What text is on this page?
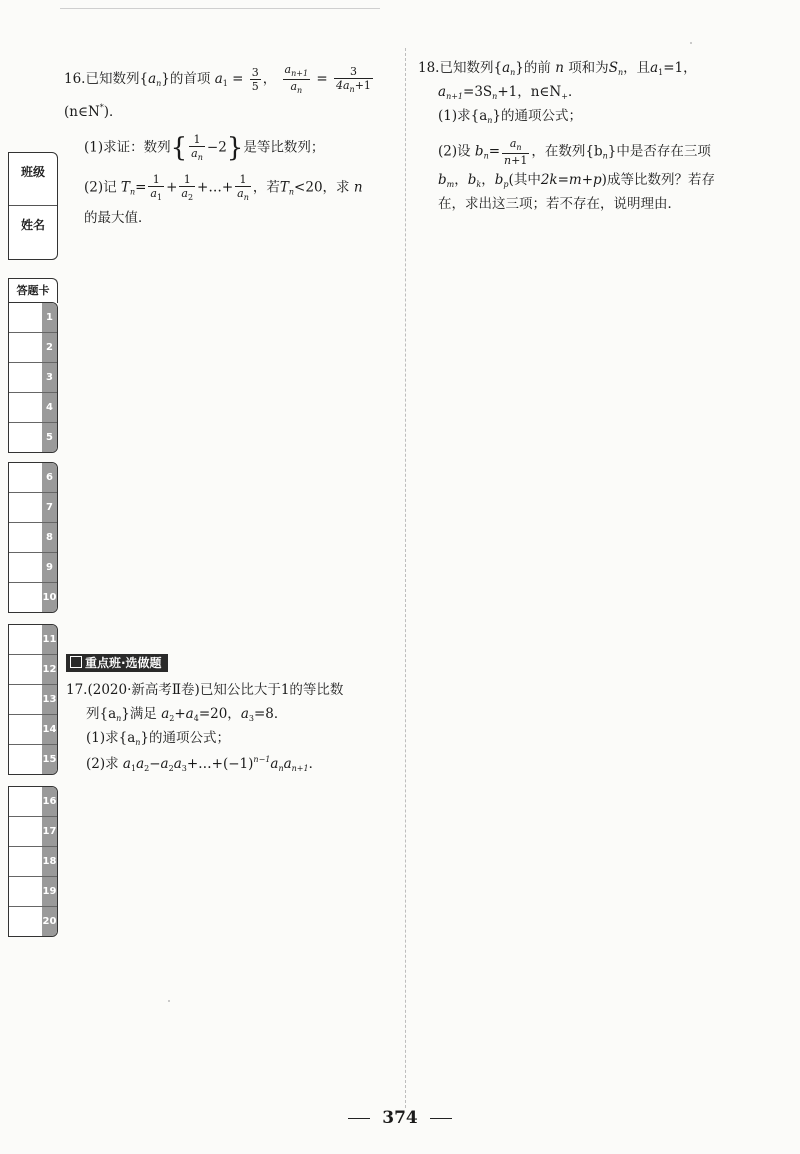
班级
姓名
答题卡
1
2
3
4
5
6
7
8
9
10
11
12
13
14
15
16
17
18
19
20
16.已知数列$\{a_n\}$的首项 $a_1 = \frac{3}{5}$ ， $\frac{a_{n+1}}{a_n} = \frac{3}{4a_n+1}$
(n∈N*)．
(1)求证：数列{ $\frac{1}{a_n} -2$}是等比数列；
(2)记 $T_n= \frac{1}{a_1} + \frac{1}{a_2}$ +…+ $\frac{1}{a_n}$ ，若$T_n<20$，求 n
的最大值．
18.已知数列$\{a_n\}$的前 n 项和为$S_n$，且$a_1=1$，
$a_{n+1}=3S_n+1$，$n\in N_+$．
(1)求$\{a_n\}$的通项公式；
(2)设 $b_n= \frac{a_n}{n+1}$ ，在数列$\{b_n\}$中是否存在三项
$b_m$，$b_k$，$b_p$(其中2k=m+p)成等比数列？若存
在，求出这三项；若不存在，说明理由．
重点班·选做题
17.(2020·新高考Ⅱ卷)已知公比大于1的等比数
列$\{a_n\}$满足 $a_2+a_4=20$，$a_3=8$．
(1)求$\{a_n\}$的通项公式；
(2)求 $a_1a_2-a_2a_3+\dots+(-1)^{n-1}a_na_{n+1}$．
374
